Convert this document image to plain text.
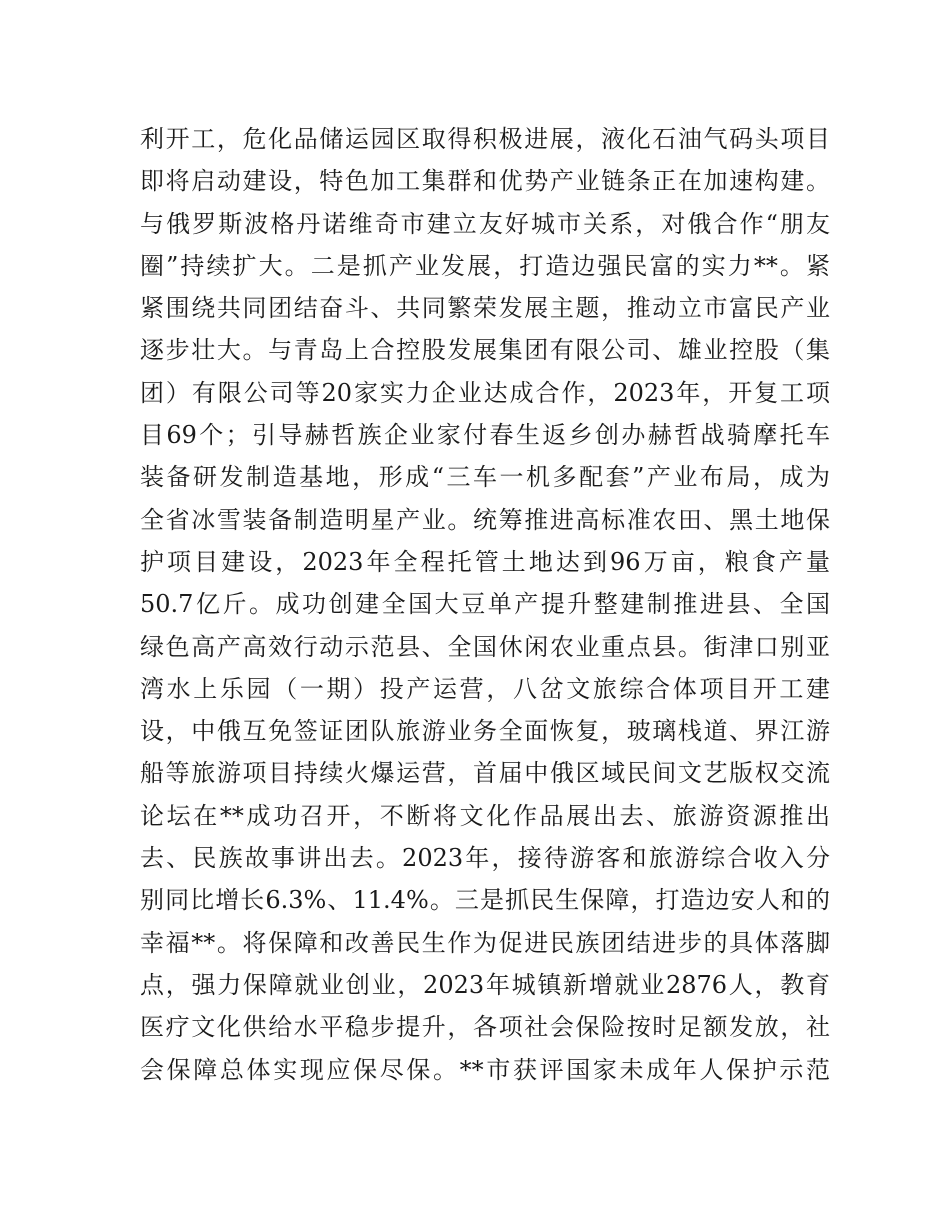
利开工，危化品储运园区取得积极进展，液化石油气码头项目
即将启动建设，特色加工集群和优势产业链条正在加速构建。
与俄罗斯波格丹诺维奇市建立友好城市关系，对俄合作“朋友
圈”持续扩大。二是抓产业发展，打造边强民富的实力**。紧
紧围绕共同团结奋斗、共同繁荣发展主题，推动立市富民产业
逐步壮大。与青岛上合控股发展集团有限公司、雄业控股（集
团）有限公司等20家实力企业达成合作，2023年，开复工项
目69个；引导赫哲族企业家付春生返乡创办赫哲战骑摩托车
装备研发制造基地，形成“三车一机多配套”产业布局，成为
全省冰雪装备制造明星产业。统筹推进高标准农田、黑土地保
护项目建设，2023年全程托管土地达到96万亩，粮食产量
50.7亿斤。成功创建全国大豆单产提升整建制推进县、全国
绿色高产高效行动示范县、全国休闲农业重点县。街津口别亚
湾水上乐园（一期）投产运营，八岔文旅综合体项目开工建
设，中俄互免签证团队旅游业务全面恢复，玻璃栈道、界江游
船等旅游项目持续火爆运营，首届中俄区域民间文艺版权交流
论坛在**成功召开，不断将文化作品展出去、旅游资源推出
去、民族故事讲出去。2023年，接待游客和旅游综合收入分
别同比增长6.3%、11.4%。三是抓民生保障，打造边安人和的
幸福**。将保障和改善民生作为促进民族团结进步的具体落脚
点，强力保障就业创业，2023年城镇新增就业2876人，教育
医疗文化供给水平稳步提升，各项社会保险按时足额发放，社
会保障总体实现应保尽保。**市获评国家未成年人保护示范
